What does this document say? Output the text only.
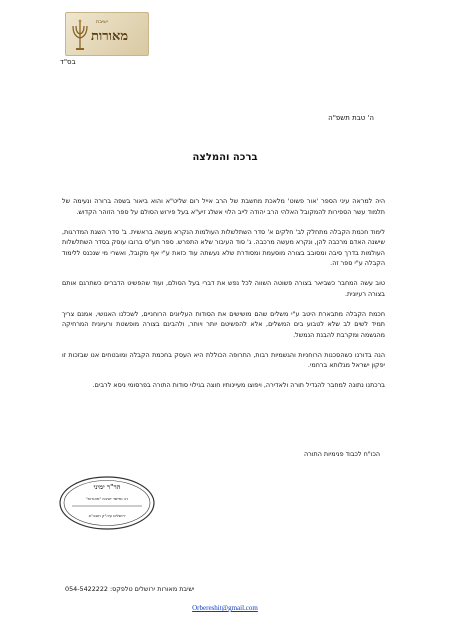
ישיבת
מאורות
בס"ד
ה' טבת תשפ"ה
ברכה והמלצה

היה למראה עיני הספר 'אור פשוט' מלאכת מחשבת של הרב אייל רום שליט"א והוא ביאור בשפה ברורה ונעימה של תלמוד עשר הספירות להמקובל האלהי הרב יהודה לייב הלוי אשלג זיע"א בעל פירוש הסולם על ספר הזוהר הקדוש.

לימוד חכמת הקבלה מתחלק לב' חלקים א' סדר השתלשלות העולמות הנקרא מעשה בראשית. ב' סדר השגת המדרגות, שישנה האדם מרכבה להן, ונקרא מעשה מרכבה. ג' סוד העיבור שלא התפרש. ספר תע"ס ברובו עוסק בסדר השתלשלות העולמות בדרך סיבה ומסובב בצורה מוסעמת ומסודרת שלא נעשתה עוד כזאת ע"י אף מקובל, ואשרי מי שנכנס ללימוד הקבלה ע"י ספר זה.

טוב עשה המחבר כשביאר בצורה פשוטה השווה לכל נפש את דברי בעל הסולם, ועוד שהפשיט הדברים כשתרגם אותם בצורה רעיונית.

חכמת הקבלה מתבארת היטב ע"י משלים שהם מושישים את הסודות העליונים הרוחניים, לשכלנו האנושי, אמנם צריך תמיד לשים לב שלא לטבוע בים המשלים, אלא להפשיטם יותר ויותר, ולהבינם בצורה מופשטת ורעיונית המרחיקה מהגשמה ומקרבת להבנת הנמשל.

הנה בדורנו כשהסכנות הרוחניות והגשמיות רבות, התרופה הכוללת היא העסק בחכמת הקבלה ומובטחים אנו שבזכות זו יפקון ישראל מגלותא ברחמי.

ברכתנו נתונה למחבר להגדיל תורה ולאדירה, ויפוצו מעיינותיו חוצה בגילוי סודות התורה בפרסומי ניסא לרבים.

הכו"ח לכבוד פנימיות התורה
הר"ר ימיני
רב ומייסד ישיבת "מאורות"
ירושלים עיה"ק תובב"א
ישיבת מאורות ירושלים טלפקס: 054-5422222
Orbereshit@gmail.com
